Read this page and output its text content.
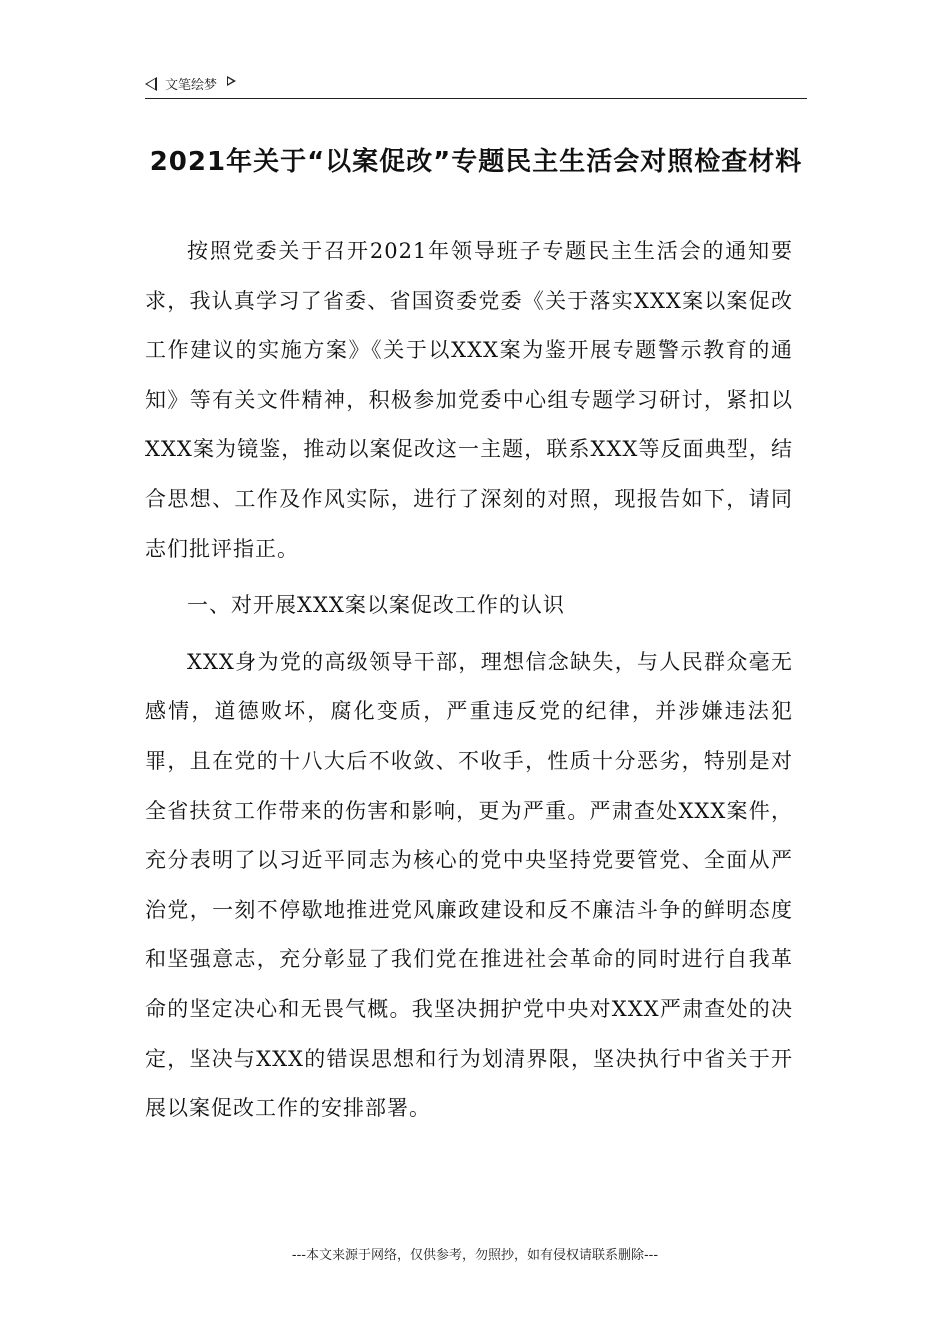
文笔绘梦
2021年关于“以案促改”专题民主生活会对照检查材料

按照党委关于召开2021年领导班子专题民主生活会的通知要求，我认真学习了省委、省国资委党委《关于落实XXX案以案促改工作建议的实施方案》《关于以XXX案为鉴开展专题警示教育的通知》等有关文件精神，积极参加党委中心组专题学习研讨，紧扣以XXX案为镜鉴，推动以案促改这一主题，联系XXX等反面典型，结合思想、工作及作风实际，进行了深刻的对照，现报告如下，请同志们批评指正。

一、对开展XXX案以案促改工作的认识

XXX身为党的高级领导干部，理想信念缺失，与人民群众毫无感情，道德败坏，腐化变质，严重违反党的纪律，并涉嫌违法犯罪，且在党的十八大后不收敛、不收手，性质十分恶劣，特别是对全省扶贫工作带来的伤害和影响，更为严重。严肃查处XXX案件，充分表明了以习近平同志为核心的党中央坚持党要管党、全面从严治党，一刻不停歇地推进党风廉政建设和反不廉洁斗争的鲜明态度和坚强意志，充分彰显了我们党在推进社会革命的同时进行自我革命的坚定决心和无畏气概。我坚决拥护党中央对XXX严肃查处的决定，坚决与XXX的错误思想和行为划清界限，坚决执行中省关于开展以案促改工作的安排部署。

---本文来源于网络，仅供参考，勿照抄，如有侵权请联系删除---
